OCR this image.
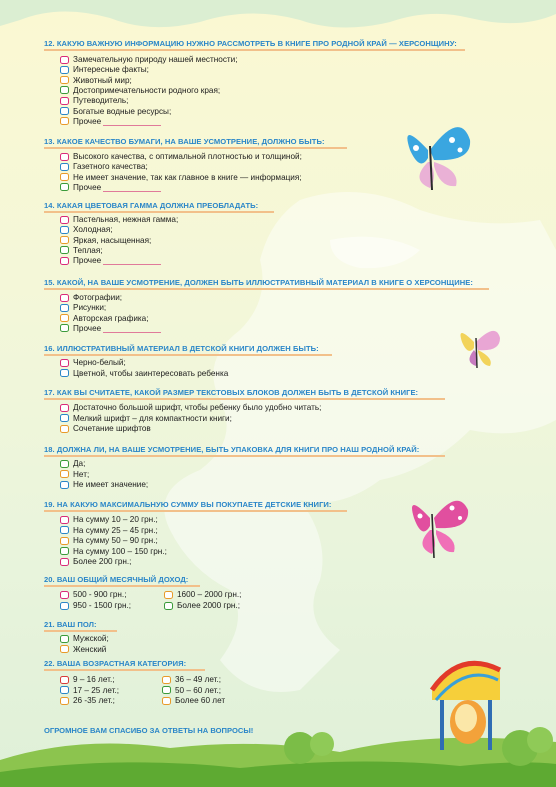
12. КАКУЮ ВАЖНУЮ ИНФОРМАЦИЮ НУЖНО РАССМОТРЕТЬ В КНИГЕ ПРО РОДНОЙ КРАЙ — ХЕРСОНЩИНУ:
Замечательную природу нашей местности;
Интересные факты;
Животный мир;
Достопримечательности родного края;
Путеводитель;
Богатые водные ресурсы;
Прочее
13. КАКОЕ КАЧЕСТВО БУМАГИ, НА ВАШЕ УСМОТРЕНИЕ, ДОЛЖНО БЫТЬ:
Высокого качества, с оптимальной плотностью и толщиной;
Газетного качества;
Не имеет значение, так как главное в книге — информация;
Прочее
14. КАКАЯ ЦВЕТОВАЯ ГАММА ДОЛЖНА ПРЕОБЛАДАТЬ:
Пастельная, нежная гамма;
Холодная;
Яркая, насыщенная;
Теплая;
Прочее
15. КАКОЙ, НА ВАШЕ УСМОТРЕНИЕ, ДОЛЖЕН БЫТЬ ИЛЛЮСТРАТИВНЫЙ МАТЕРИАЛ В КНИГЕ О ХЕРСОНЩИНЕ:
Фотографии;
Рисунки;
Авторская графика;
Прочее
16. ИЛЛЮСТРАТИВНЫЙ МАТЕРИАЛ В ДЕТСКОЙ КНИГИ ДОЛЖЕН БЫТЬ:
Черно-белый;
Цветной, чтобы заинтересовать ребенка
17. КАК ВЫ СЧИТАЕТЕ, КАКОЙ РАЗМЕР ТЕКСТОВЫХ БЛОКОВ ДОЛЖЕН БЫТЬ В ДЕТСКОЙ КНИГЕ:
Достаточно большой шрифт, чтобы ребенку было удобно читать;
Мелкий шрифт – для компактности книги;
Сочетание шрифтов
18. ДОЛЖНА ЛИ, НА ВАШЕ УСМОТРЕНИЕ, БЫТЬ УПАКОВКА ДЛЯ КНИГИ ПРО НАШ РОДНОЙ КРАЙ:
Да;
Нет;
Не имеет значение;
19. НА КАКУЮ МАКСИМАЛЬНУЮ СУММУ ВЫ ПОКУПАЕТЕ ДЕТСКИЕ КНИГИ:
На сумму 10 – 20 грн.;
На сумму 25 – 45 грн.;
На сумму 50 – 90 грн.;
На сумму 100 – 150 грн.;
Более 200 грн.;
20. ВАШ ОБЩИЙ МЕСЯЧНЫЙ ДОХОД:
500 - 900 грн.;
950 - 1500 грн.;
1600 – 2000 грн.;
Более 2000 грн.;
21. ВАШ ПОЛ:
Мужской;
Женский
22. ВАША ВОЗРАСТНАЯ КАТЕГОРИЯ:
9 – 16 лет.;
17 – 25 лет.;
26 -35 лет.;
36 – 49 лет.;
50 – 60 лет.;
Более 60 лет
ОГРОМНОЕ ВАМ СПАСИБО ЗА ОТВЕТЫ НА ВОПРОСЫ!
